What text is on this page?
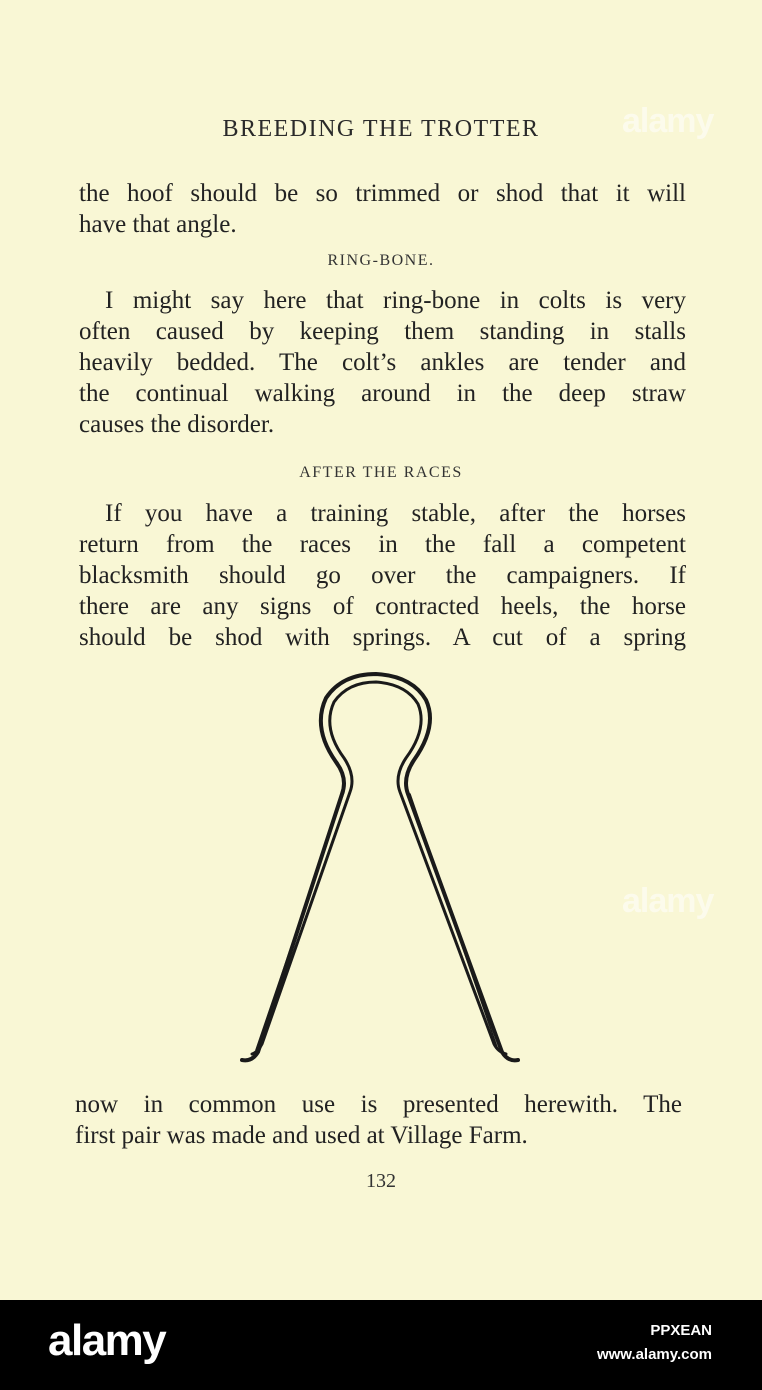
alamy
alamy
BREEDING THE TROTTER

the hoof should be so trimmed or shod that it will
have that angle.

RING-BONE.

I might say here that ring-bone in colts is very
often caused by keeping them standing in stalls
heavily bedded. The colt’s ankles are tender and
the continual walking around in the deep straw
causes the disorder.

AFTER THE RACES

If you have a training stable, after the horses
return from the races in the fall a competent
blacksmith should go over the campaigners. If
there are any signs of contracted heels, the horse
should be shod with springs. A cut of a spring

now in common use is presented herewith. The
first pair was made and used at Village Farm.

132
alamy	PPXEAN
www.alamy.com
